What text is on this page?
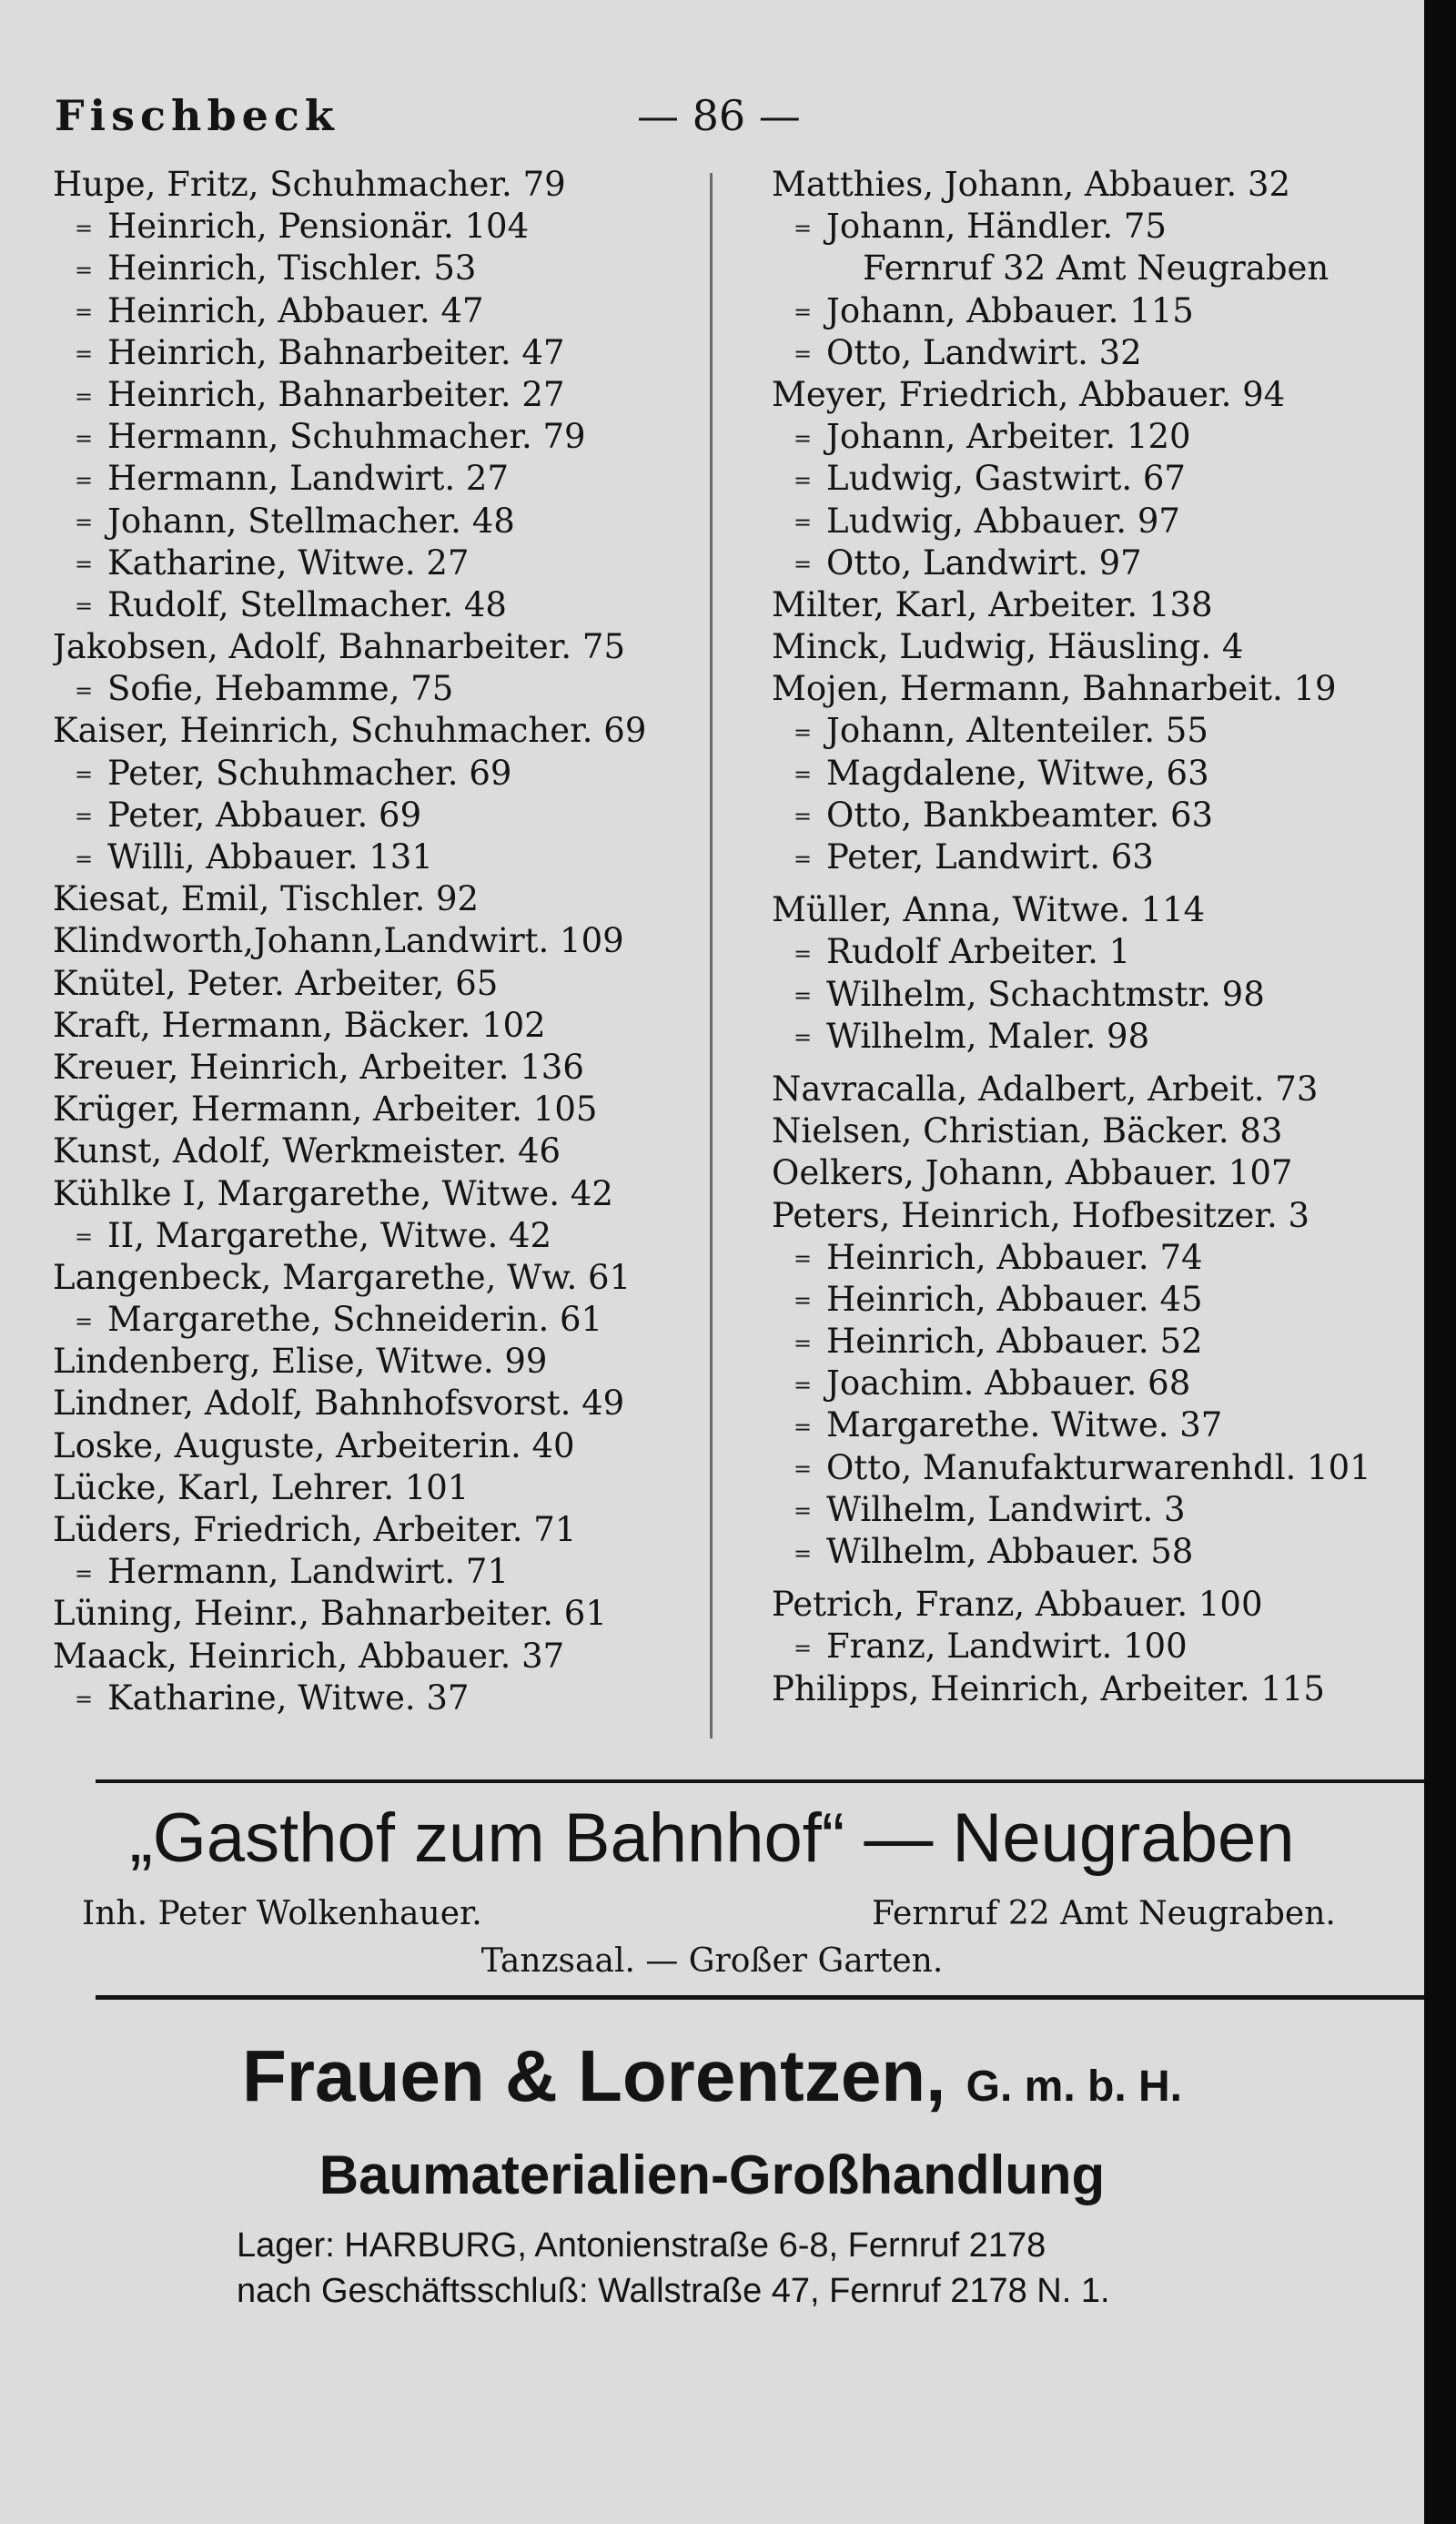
Fischbeck	— 86 —
Hupe, Fritz, Schuhmacher. 79
= Heinrich, Pensionär. 104
= Heinrich, Tischler. 53
= Heinrich, Abbauer. 47
= Heinrich, Bahnarbeiter. 47
= Heinrich, Bahnarbeiter. 27
= Hermann, Schuhmacher. 79
= Hermann, Landwirt. 27
= Johann, Stellmacher. 48
= Katharine, Witwe. 27
= Rudolf, Stellmacher. 48
Jakobsen, Adolf, Bahnarbeiter. 75
= Sofie, Hebamme, 75
Kaiser, Heinrich, Schuhmacher. 69
= Peter, Schuhmacher. 69
= Peter, Abbauer. 69
= Willi, Abbauer. 131
Kiesat, Emil, Tischler. 92
Klindworth,Johann,Landwirt. 109
Knütel, Peter. Arbeiter, 65
Kraft, Hermann, Bäcker. 102
Kreuer, Heinrich, Arbeiter. 136
Krüger, Hermann, Arbeiter. 105
Kunst, Adolf, Werkmeister. 46
Kühlke I, Margarethe, Witwe. 42
= II, Margarethe, Witwe. 42
Langenbeck, Margarethe, Ww. 61
= Margarethe, Schneiderin. 61
Lindenberg, Elise, Witwe. 99
Lindner, Adolf, Bahnhofsvorst. 49
Loske, Auguste, Arbeiterin. 40
Lücke, Karl, Lehrer. 101
Lüders, Friedrich, Arbeiter. 71
= Hermann, Landwirt. 71
Lüning, Heinr., Bahnarbeiter. 61
Maack, Heinrich, Abbauer. 37
= Katharine, Witwe. 37
Matthies, Johann, Abbauer. 32
= Johann, Händler. 75
Fernruf 32 Amt Neugraben
= Johann, Abbauer. 115
= Otto, Landwirt. 32
Meyer, Friedrich, Abbauer. 94
= Johann, Arbeiter. 120
= Ludwig, Gastwirt. 67
= Ludwig, Abbauer. 97
= Otto, Landwirt. 97
Milter, Karl, Arbeiter. 138
Minck, Ludwig, Häusling. 4
Mojen, Hermann, Bahnarbeit. 19
= Johann, Altenteiler. 55
= Magdalene, Witwe, 63
= Otto, Bankbeamter. 63
= Peter, Landwirt. 63
Müller, Anna, Witwe. 114
= Rudolf Arbeiter. 1
= Wilhelm, Schachtmstr. 98
= Wilhelm, Maler. 98
Navracalla, Adalbert, Arbeit. 73
Nielsen, Christian, Bäcker. 83
Oelkers, Johann, Abbauer. 107
Peters, Heinrich, Hofbesitzer. 3
= Heinrich, Abbauer. 74
= Heinrich, Abbauer. 45
= Heinrich, Abbauer. 52
= Joachim. Abbauer. 68
= Margarethe. Witwe. 37
= Otto, Manufakturwarenhdl. 101
= Wilhelm, Landwirt. 3
= Wilhelm, Abbauer. 58
Petrich, Franz, Abbauer. 100
= Franz, Landwirt. 100
Philipps, Heinrich, Arbeiter. 115
„Gasthof zum Bahnhof“ — Neugraben
Inh. Peter Wolkenhauer.	Fernruf 22 Amt Neugraben.
Tanzsaal. — Großer Garten.
Frauen & Lorentzen, G. m. b. H.
Baumaterialien-Großhandlung
Lager: HARBURG, Antonienstraße 6-8, Fernruf 2178
nach Geschäftsschluß: Wallstraße 47, Fernruf 2178 N. 1.
